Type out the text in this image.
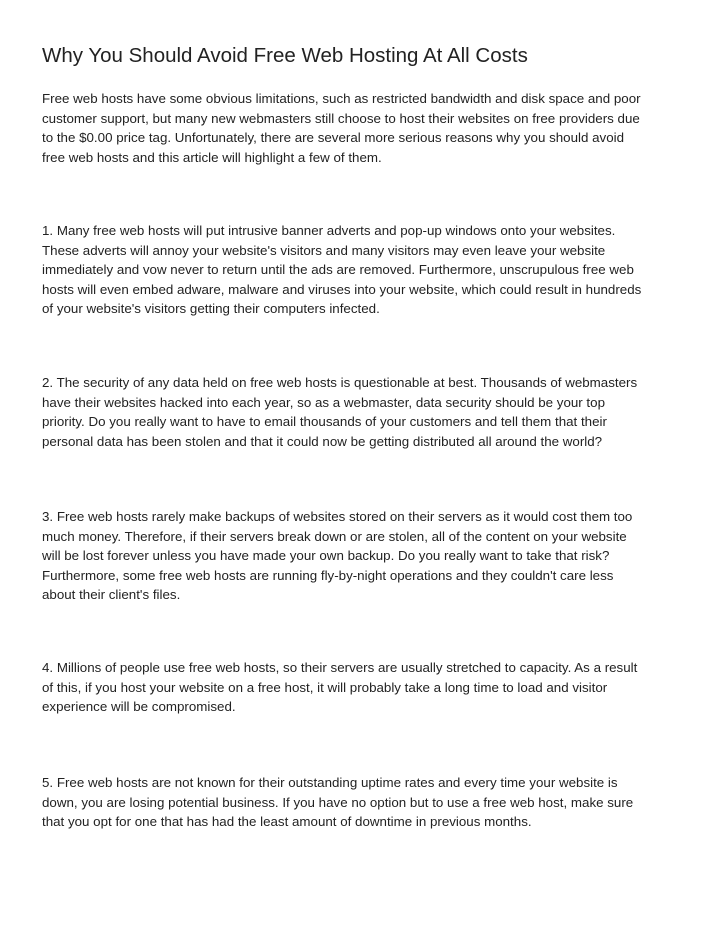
Why You Should Avoid Free Web Hosting At All Costs

Free web hosts have some obvious limitations, such as restricted bandwidth and disk space and poor
customer support, but many new webmasters still choose to host their websites on free providers due
to the $0.00 price tag. Unfortunately, there are several more serious reasons why you should avoid
free web hosts and this article will highlight a few of them.

1. Many free web hosts will put intrusive banner adverts and pop-up windows onto your websites.
These adverts will annoy your website's visitors and many visitors may even leave your website
immediately and vow never to return until the ads are removed. Furthermore, unscrupulous free web
hosts will even embed adware, malware and viruses into your website, which could result in hundreds
of your website's visitors getting their computers infected.

2. The security of any data held on free web hosts is questionable at best. Thousands of webmasters
have their websites hacked into each year, so as a webmaster, data security should be your top
priority. Do you really want to have to email thousands of your customers and tell them that their
personal data has been stolen and that it could now be getting distributed all around the world?

3. Free web hosts rarely make backups of websites stored on their servers as it would cost them too
much money. Therefore, if their servers break down or are stolen, all of the content on your website
will be lost forever unless you have made your own backup. Do you really want to take that risk?
Furthermore, some free web hosts are running fly-by-night operations and they couldn't care less
about their client's files.

4. Millions of people use free web hosts, so their servers are usually stretched to capacity. As a result
of this, if you host your website on a free host, it will probably take a long time to load and visitor
experience will be compromised.

5. Free web hosts are not known for their outstanding uptime rates and every time your website is
down, you are losing potential business. If you have no option but to use a free web host, make sure
that you opt for one that has had the least amount of downtime in previous months.
